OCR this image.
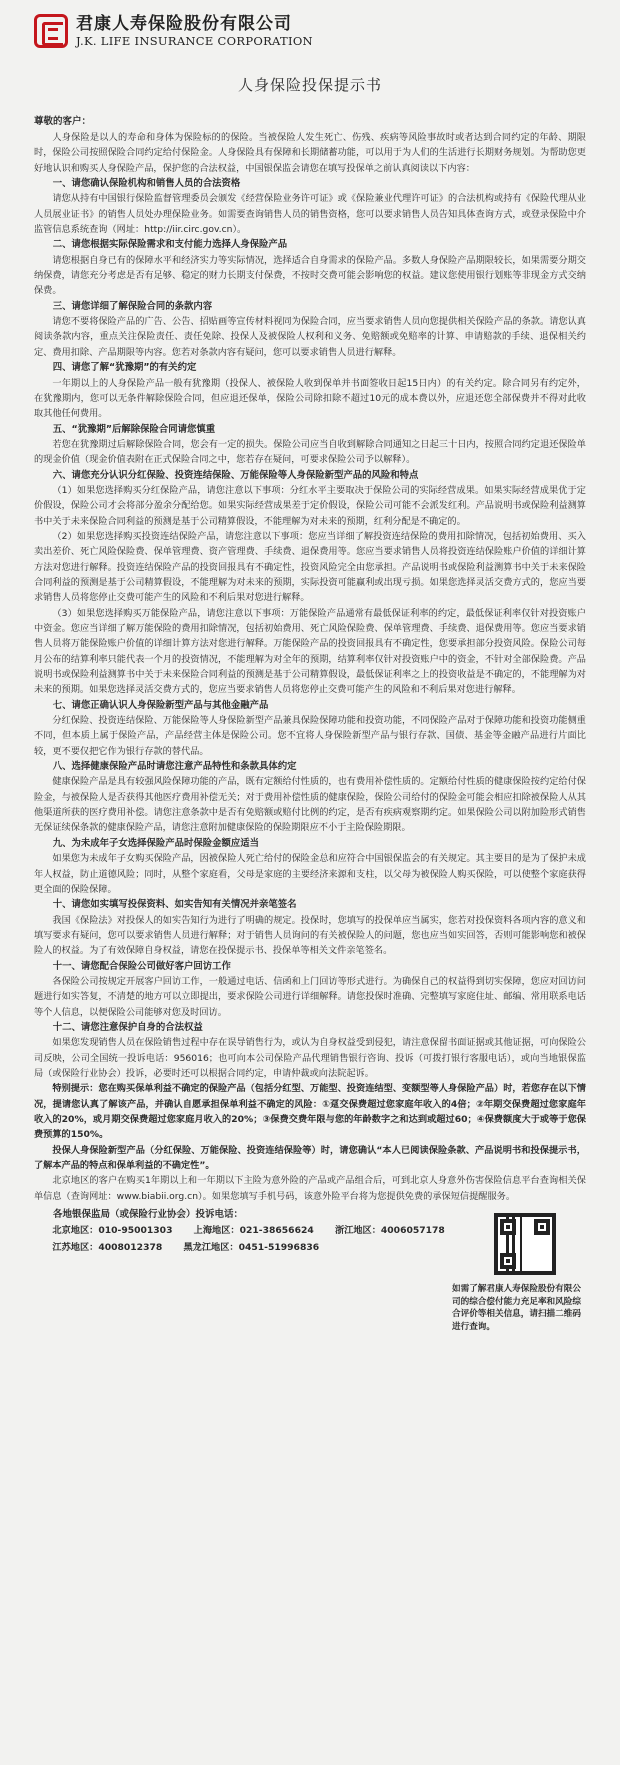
君康人寿保险股份有限公司
J.K. LIFE INSURANCE CORPORATION
人身保险投保提示书
尊敬的客户：

人身保险是以人的寿命和身体为保险标的的保险。当被保险人发生死亡、伤残、疾病等风险事故时或者达到合同约定的年龄、期限时，保险公司按照保险合同约定给付保险金。人身保险具有保障和长期储蓄功能，可以用于为人们的生活进行长期财务规划。为帮助您更好地认识和购买人身保险产品，保护您的合法权益，中国银保监会请您在填写投保单之前认真阅读以下内容：

一、请您确认保险机构和销售人员的合法资格

请您从持有中国银行保险监督管理委员会颁发《经营保险业务许可证》或《保险兼业代理许可证》的合法机构或持有《保险代理从业人员展业证书》的销售人员处办理保险业务。如需要查询销售人员的销售资格，您可以要求销售人员告知具体查询方式，或登录保险中介监管信息系统查询（网址：http://iir.circ.gov.cn）。

二、请您根据实际保险需求和支付能力选择人身保险产品

请您根据自身已有的保障水平和经济实力等实际情况，选择适合自身需求的保险产品。多数人身保险产品期限较长，如果需要分期交纳保费，请您充分考虑是否有足够、稳定的财力长期支付保费，不按时交费可能会影响您的权益。建议您使用银行划账等非现金方式交纳保费。

三、请您详细了解保险合同的条款内容

请您不要将保险产品的广告、公告、招贴画等宣传材料视同为保险合同，应当要求销售人员向您提供相关保险产品的条款。请您认真阅读条款内容，重点关注保险责任、责任免除、投保人及被保险人权利和义务、免赔额或免赔率的计算、申请赔款的手续、退保相关约定、费用扣除、产品期限等内容。您若对条款内容有疑问，您可以要求销售人员进行解释。

四、请您了解“犹豫期”的有关约定

一年期以上的人身保险产品一般有犹豫期（投保人、被保险人收到保单并书面签收日起15日内）的有关约定。除合同另有约定外，在犹豫期内，您可以无条件解除保险合同，但应退还保单，保险公司除扣除不超过10元的成本费以外，应退还您全部保费并不得对此收取其他任何费用。

五、“犹豫期”后解除保险合同请您慎重

若您在犹豫期过后解除保险合同，您会有一定的损失。保险公司应当自收到解除合同通知之日起三十日内，按照合同约定退还保险单的现金价值（现金价值表附在正式保险合同之中，您若存在疑问，可要求保险公司予以解释）。

六、请您充分认识分红保险、投资连结保险、万能保险等人身保险新型产品的风险和特点

（1）如果您选择购买分红保险产品，请您注意以下事项：分红水平主要取决于保险公司的实际经营成果。如果实际经营成果优于定价假设，保险公司才会将部分盈余分配给您。如果实际经营成果差于定价假设，保险公司可能不会派发红利。产品说明书或保险利益测算书中关于未来保险合同利益的预测是基于公司精算假设，不能理解为对未来的预期，红利分配是不确定的。

（2）如果您选择购买投资连结保险产品，请您注意以下事项：您应当详细了解投资连结保险的费用扣除情况，包括初始费用、买入卖出差价、死亡风险保险费、保单管理费、资产管理费、手续费、退保费用等。您应当要求销售人员将投资连结保险账户价值的详细计算方法对您进行解释。投资连结保险产品的投资回报具有不确定性，投资风险完全由您承担。产品说明书或保险利益测算书中关于未来保险合同利益的预测是基于公司精算假设，不能理解为对未来的预期，实际投资可能赢利或出现亏损。如果您选择灵活交费方式的，您应当要求销售人员将您停止交费可能产生的风险和不利后果对您进行解释。

（3）如果您选择购买万能保险产品，请您注意以下事项：万能保险产品通常有最低保证利率的约定，最低保证利率仅针对投资账户中资金。您应当详细了解万能保险的费用扣除情况，包括初始费用、死亡风险保险费、保单管理费、手续费、退保费用等。您应当要求销售人员将万能保险账户价值的详细计算方法对您进行解释。万能保险产品的投资回报具有不确定性，您要承担部分投资风险。保险公司每月公布的结算利率只能代表一个月的投资情况，不能理解为对全年的预期，结算利率仅针对投资账户中的资金，不针对全部保险费。产品说明书或保险利益测算书中关于未来保险合同利益的预测是基于公司精算假设，最低保证利率之上的投资收益是不确定的，不能理解为对未来的预期。如果您选择灵活交费方式的，您应当要求销售人员将您停止交费可能产生的风险和不利后果对您进行解释。

七、请您正确认识人身保险新型产品与其他金融产品

分红保险、投资连结保险、万能保险等人身保险新型产品兼具保险保障功能和投资功能，不同保险产品对于保障功能和投资功能侧重不同，但本质上属于保险产品，产品经营主体是保险公司。您不宜将人身保险新型产品与银行存款、国债、基金等金融产品进行片面比较，更不要仅把它作为银行存款的替代品。

八、选择健康保险产品时请您注意产品特性和条款具体约定

健康保险产品是具有较强风险保障功能的产品，既有定额给付性质的，也有费用补偿性质的。定额给付性质的健康保险按约定给付保险金，与被保险人是否获得其他医疗费用补偿无关；对于费用补偿性质的健康保险，保险公司给付的保险金可能会相应扣除被保险人从其他渠道所获的医疗费用补偿。请您注意条款中是否有免赔额或赔付比例的约定，是否有疾病观察期约定。如果保险公司以附加险形式销售无保证续保条款的健康保险产品，请您注意附加健康保险的保险期限应不小于主险保险期限。

九、为未成年子女选择保险产品时保险金额应适当

如果您为未成年子女购买保险产品，因被保险人死亡给付的保险金总和应符合中国银保监会的有关规定。其主要目的是为了保护未成年人权益，防止道德风险；同时，从整个家庭看，父母是家庭的主要经济来源和支柱，以父母为被保险人购买保险，可以使整个家庭获得更全面的保险保障。

十、请您如实填写投保资料、如实告知有关情况并亲笔签名

我国《保险法》对投保人的如实告知行为进行了明确的规定。投保时，您填写的投保单应当属实，您若对投保资料各项内容的意义和填写要求有疑问，您可以要求销售人员进行解释；对于销售人员询问的有关被保险人的问题，您也应当如实回答，否则可能影响您和被保险人的权益。为了有效保障自身权益，请您在投保提示书、投保单等相关文件亲笔签名。

十一、请您配合保险公司做好客户回访工作

各保险公司按规定开展客户回访工作，一般通过电话、信函和上门回访等形式进行。为确保自己的权益得到切实保障，您应对回访问题进行如实答复，不清楚的地方可以立即提出，要求保险公司进行详细解释。请您投保时准确、完整填写家庭住址、邮编、常用联系电话等个人信息，以便保险公司能够对您及时回访。

十二、请您注意保护自身的合法权益

如果您发现销售人员在保险销售过程中存在误导销售行为，或认为自身权益受到侵犯，请注意保留书面证据或其他证据，可向保险公司反映，公司全国统一投诉电话：956016；也可向本公司保险产品代理销售银行咨询、投诉（可拨打银行客服电话），或向当地银保监局（或保险行业协会）投诉，必要时还可以根据合同约定，申请仲裁或向法院起诉。

特别提示：您在购买保单利益不确定的保险产品（包括分红型、万能型、投资连结型、变额型等人身保险产品）时，若您存在以下情况，提请您认真了解该产品，并确认自愿承担保单利益不确定的风险：①趸交保费超过您家庭年收入的4倍；②年期交保费超过您家庭年收入的20%，或月期交保费超过您家庭月收入的20%；③保费交费年限与您的年龄数字之和达到或超过60；④保费额度大于或等于您保费预算的150%。

投保人身保险新型产品（分红保险、万能保险、投资连结保险等）时，请您确认“本人已阅读保险条款、产品说明书和投保提示书，了解本产品的特点和保单利益的不确定性”。

北京地区的客户在购买1年期以上和一年期以下主险为意外险的产品或产品组合后，可到北京人身意外伤害保险信息平台查询相关保单信息（查询网址：www.biabii.org.cn）。如果您填写手机号码，该意外险平台将为您提供免费的承保短信提醒服务。

各地银保监局（或保险行业协会）投诉电话：
北京地区：010-95001303 上海地区：021-38656624 浙江地区：4006057178
江苏地区：4008012378 黑龙江地区：0451-51996836
如需了解君康人寿保险股份有限公司的综合偿付能力充足率和风险综合评价等相关信息，请扫描二维码进行查询。
